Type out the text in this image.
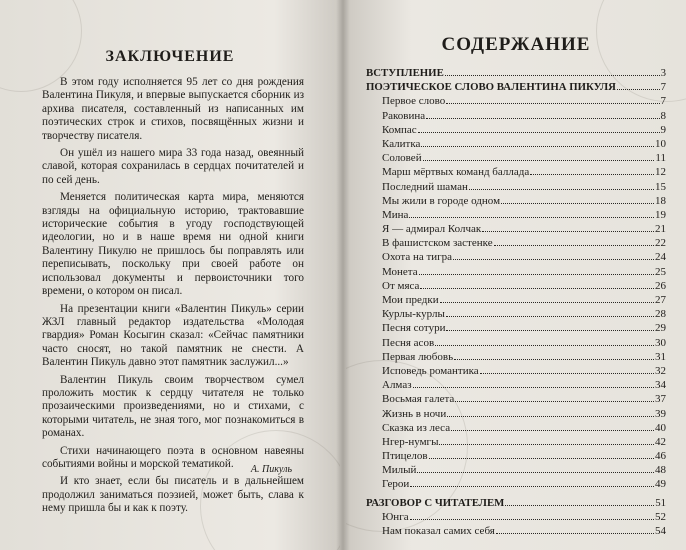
ЗАКЛЮЧЕНИЕ

В этом году исполняется 95 лет со дня рождения Валентина Пикуля, и впервые выпускается сборник из архива писателя, составленный из написанных им поэтических строк и стихов, посвящённых жизни и творчеству писателя.

Он ушёл из нашего мира 33 года назад, овеянный славой, которая сохранилась в сердцах почитателей и по сей день.

Меняется политическая карта мира, меняются взгляды на официальную историю, трактовавшие исторические события в угоду господствующей идеологии, но и в наше время ни одной книги Валентину Пикулю не пришлось бы поправлять или переписывать, поскольку при своей работе он использовал документы и первоисточники того времени, о котором он писал.

На презентации книги «Валентин Пикуль» серии ЖЗЛ главный редактор издательства «Молодая гвардия» Роман Косыгин сказал: «Сейчас памятники часто сносят, но такой памятник не снести. А Валентин Пикуль давно этот памятник заслужил...»

Валентин Пикуль своим творчеством сумел проложить мостик к сердцу читателя не только прозаическими произведениями, но и стихами, с которыми читатель, не зная того, мог познакомиться в романах.

Стихи начинающего поэта в основном навеяны событиями войны и морской тематикой.

И кто знает, если бы писатель и в дальнейшем продолжил заниматься поэзией, может быть, слава к нему пришла бы и как к поэту.

А. Пикуль
СОДЕРЖАНИЕ
ВСТУПЛЕНИЕ	3
ПОЭТИЧЕСКОЕ СЛОВО ВАЛЕНТИНА ПИКУЛЯ	7
Первое слово	7
Раковина	8
Компас	9
Калитка	10
Соловей	11
Марш мёртвых команд баллада	12
Последний шаман	15
Мы жили в городе одном	18
Мина	19
Я — адмирал Колчак	21
В фашистском застенке	22
Охота на тигра	24
Монета	25
От мяса	26
Мои предки	27
Курлы-курлы	28
Песня сотури	29
Песня асов	30
Первая любовь	31
Исповедь романтика	32
Алмаз	34
Восьмая галета	37
Жизнь в ночи	39
Сказка из леса	40
Нгер-нумгы	42
Птицелов	46
Милый	48
Герои	49
РАЗГОВОР С ЧИТАТЕЛЕМ	51
Юнга	52
Нам показал самих себя	54
